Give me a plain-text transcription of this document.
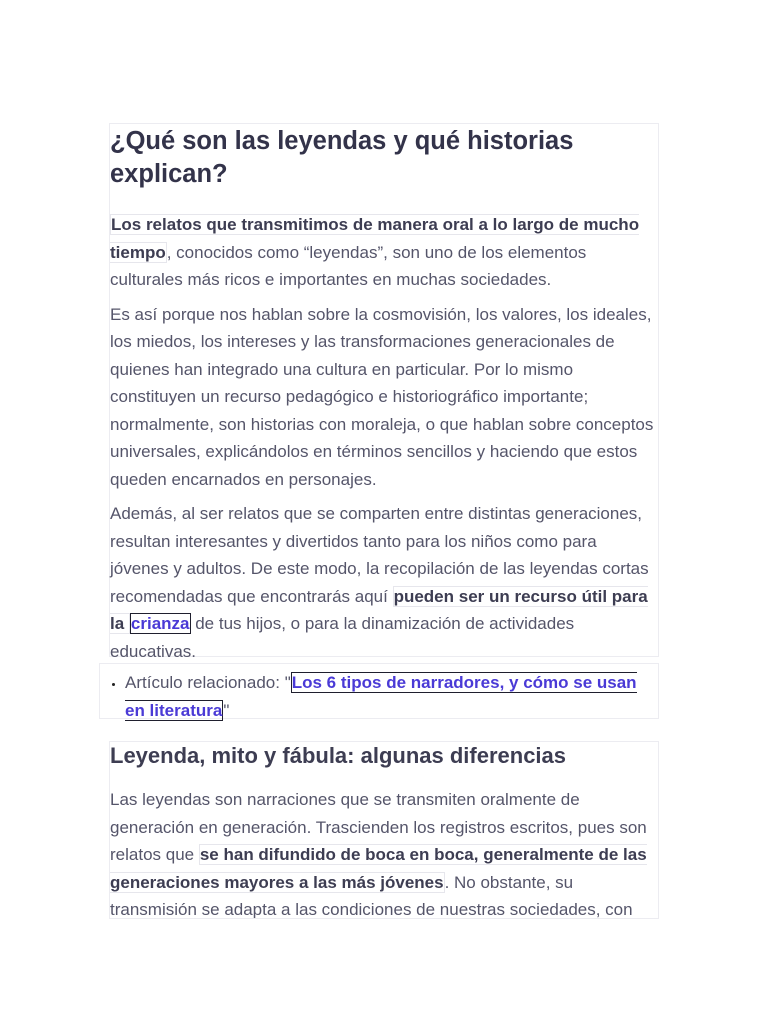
¿Qué son las leyendas y qué historias explican?

Los relatos que transmitimos de manera oral a lo largo de mucho tiempo, conocidos como “leyendas”, son uno de los elementos culturales más ricos e importantes en muchas sociedades.

Es así porque nos hablan sobre la cosmovisión, los valores, los ideales, los miedos, los intereses y las transformaciones generacionales de quienes han integrado una cultura en particular. Por lo mismo constituyen un recurso pedagógico e historiográfico importante; normalmente, son historias con moraleja, o que hablan sobre conceptos universales, explicándolos en términos sencillos y haciendo que estos queden encarnados en personajes.

Además, al ser relatos que se comparten entre distintas generaciones, resultan interesantes y divertidos tanto para los niños como para jóvenes y adultos. De este modo, la recopilación de las leyendas cortas recomendadas que encontrarás aquí pueden ser un recurso útil para la crianza de tus hijos, o para la dinamización de actividades educativas.

• Artículo relacionado: "Los 6 tipos de narradores, y cómo se usan en literatura"
Leyenda, mito y fábula: algunas diferencias

Las leyendas son narraciones que se transmiten oralmente de generación en generación. Trascienden los registros escritos, pues son relatos que se han difundido de boca en boca, generalmente de las generaciones mayores a las más jóvenes. No obstante, su transmisión se adapta a las condiciones de nuestras sociedades, con
